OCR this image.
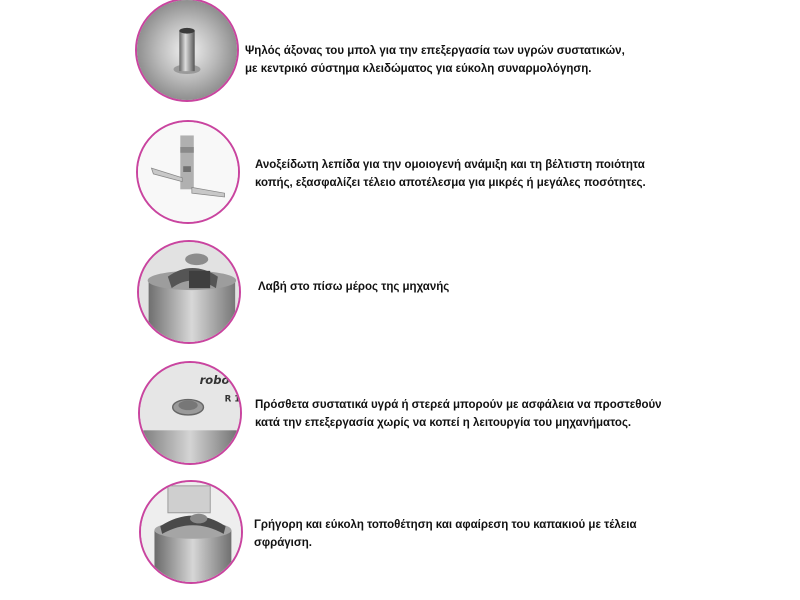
Ψηλός άξονας του μπολ για την επεξεργασία των υγρών συστατικών,
με κεντρικό σύστημα κλειδώματος για εύκολη συναρμολόγηση.
Ανοξείδωτη λεπίδα για την ομοιογενή ανάμιξη και τη βέλτιστη ποιότητα
κοπής, εξασφαλίζει τέλειο αποτέλεσμα για μικρές ή μεγάλες ποσότητες.
Λαβή στο πίσω μέρος της μηχανής
robot
R 1 Πρόσθετα συστατικά υγρά ή στερεά μπορούν με ασφάλεια να προστεθούν
κατά την επεξεργασία χωρίς να κοπεί η λειτουργία του μηχανήματος.
Γρήγορη και εύκολη τοποθέτηση και αφαίρεση του καπακιού με τέλεια
σφράγιση.
